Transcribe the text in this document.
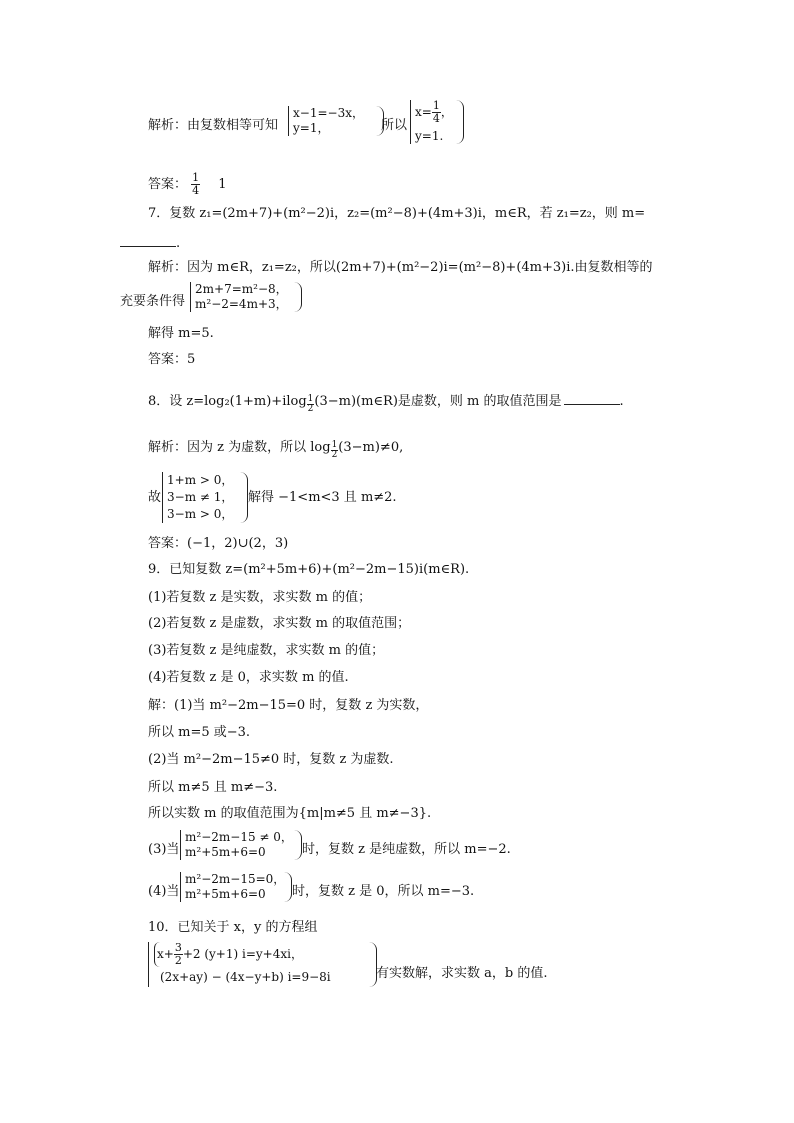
解析：由复数相等可知
x−1=−3x，
y=1，	所以
$x= \frac{1}{4}$ ，
y=1.
答案： $\frac{1}{4} 1$
7．复数 z₁=(2m+7)+(m²−2)i，z₂=(m²−8)+(4m+3)i，m∈R，若 z₁=z₂，则 m=
.
解析：因为 m∈R，z₁=z₂，所以(2m+7)+(m²−2)i=(m²−8)+(4m+3)i.由复数相等的
充要条件得
2m+7=m²−8，
m²−2=4m+3，
解得 m=5.
答案：5
8．设 $z=\log_2(1+m)+ilog \frac{1}{2}$ (3−m)(m∈R)是虚数，则 m 的取值范围是	.
解析：因为 z 为虚数，所以 $\log \frac{1}{2} (3-m)\ne 0$,
故
1+m > 0，
3−m ≠ 1，
3−m > 0，
解得 −1<m<3 且 m≠2.
答案：(−1，2)∪(2，3)
9．已知复数 z=(m²+5m+6)+(m²−2m−15)i(m∈R).
(1)若复数 z 是实数，求实数 m 的值；
(2)若复数 z 是虚数，求实数 m 的取值范围；
(3)若复数 z 是纯虚数，求实数 m 的值；
(4)若复数 z 是 0，求实数 m 的值.
解：(1)当 m²−2m−15=0 时，复数 z 为实数，
所以 m=5 或−3.
(2)当 m²−2m−15≠0 时，复数 z 为虚数.
所以 m≠5 且 m≠−3.
所以实数 m 的取值范围为{m|m≠5 且 m≠−3}.
(3)当
m²−2m−15 ≠ 0，
m²+5m+6=0	时，复数 z 是纯虚数，所以 m=−2.
(4)当
m²−2m−15=0，
m²+5m+6=0	时，复数 z 是 0，所以 m=−3.
10．已知关于 x，y 的方程组
$x+ \frac{3}{2} +2$ (y+1) i=y+4xi，
(2x+ay) − (4x−y+b) i=9−8i	有实数解，求实数 a，b 的值.
